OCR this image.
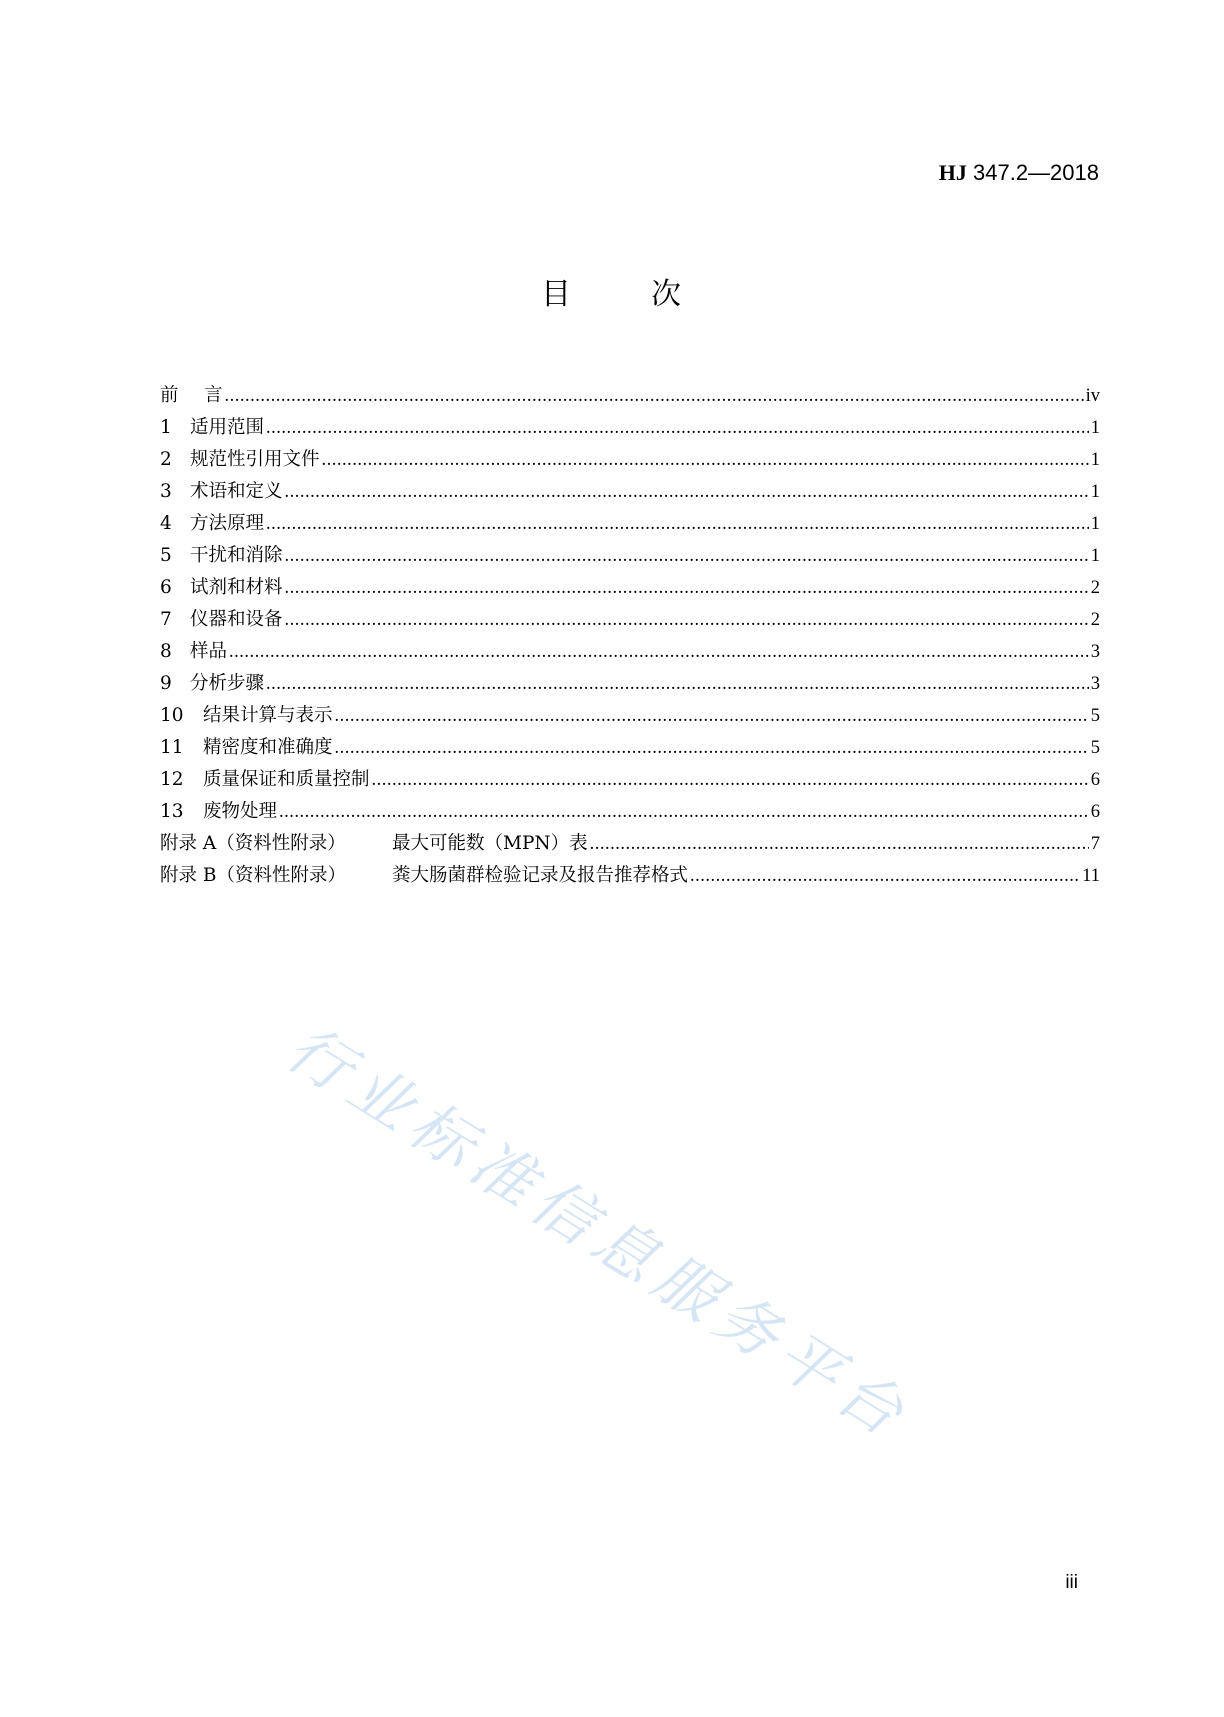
HJ 347.2—2018
目	次
前	言 .....	iv
1 适用范围 .....	1
2 规范性引用文件 .....	1
3 术语和定义 .....	1
4 方法原理 .....	1
5 干扰和消除 .....	1
6 试剂和材料 .....	2
7 仪器和设备 .....	2
8 样品 .....	3
9 分析步骤 .....	3
10	结果计算与表示 .....	5
11	精密度和准确度 .....	5
12	质量保证和质量控制 .....	6
13	废物处理 .....	6
附录 A（资料性附录）	最大可能数（MPN）表 .....	7
附录 B（资料性附录）	粪大肠菌群检验记录及报告推荐格式 .....	11
行业标准信息服务平台
iii
